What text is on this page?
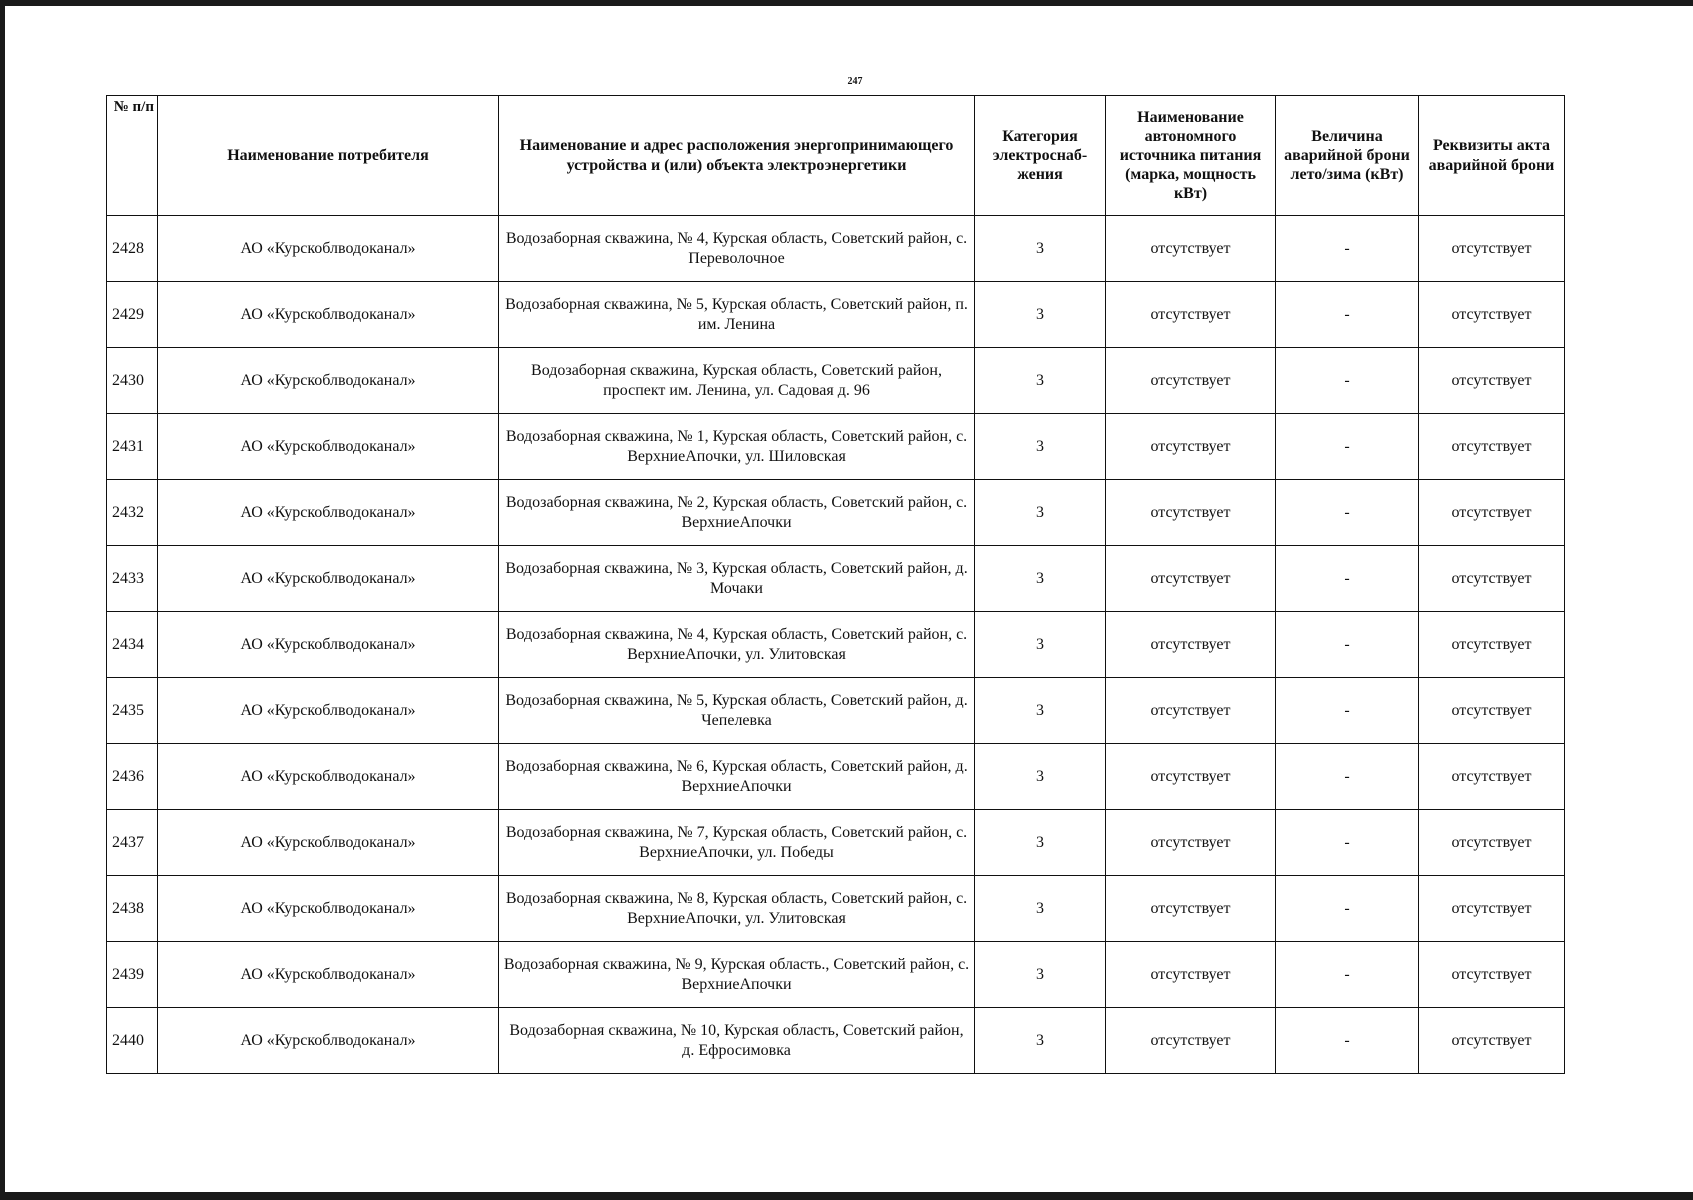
247
№ п/п	Наименование потребителя	Наименование и адрес расположения энергопринимающего устройства и (или) объекта электроэнергетики	Категория электроснаб-жения	Наименование автономного источника питания (марка, мощность кВт)	Величина аварийной брони лето/зима (кВт)	Реквизиты акта аварийной брони
2428	АО «Курскоблводоканал»	Водозаборная скважина, № 4, Курская область, Советский район, с. Переволочное	3	отсутствует	-	отсутствует
2429	АО «Курскоблводоканал»	Водозаборная скважина, № 5, Курская область, Советский район, п. им. Ленина	3	отсутствует	-	отсутствует
2430	АО «Курскоблводоканал»	Водозаборная скважина, Курская область, Советский район, проспект им. Ленина, ул. Садовая д. 96	3	отсутствует	-	отсутствует
2431	АО «Курскоблводоканал»	Водозаборная скважина, № 1, Курская область, Советский район, с. ВерхниеАпочки, ул. Шиловская	3	отсутствует	-	отсутствует
2432	АО «Курскоблводоканал»	Водозаборная скважина, № 2, Курская область, Советский район, с. ВерхниеАпочки	3	отсутствует	-	отсутствует
2433	АО «Курскоблводоканал»	Водозаборная скважина, № 3, Курская область, Советский район, д. Мочаки	3	отсутствует	-	отсутствует
2434	АО «Курскоблводоканал»	Водозаборная скважина, № 4, Курская область, Советский район, с. ВерхниеАпочки, ул. Улитовская	3	отсутствует	-	отсутствует
2435	АО «Курскоблводоканал»	Водозаборная скважина, № 5, Курская область, Советский район, д. Чепелевка	3	отсутствует	-	отсутствует
2436	АО «Курскоблводоканал»	Водозаборная скважина, № 6, Курская область, Советский район, д. ВерхниеАпочки	3	отсутствует	-	отсутствует
2437	АО «Курскоблводоканал»	Водозаборная скважина, № 7, Курская область, Советский район, с. ВерхниеАпочки, ул. Победы	3	отсутствует	-	отсутствует
2438	АО «Курскоблводоканал»	Водозаборная скважина, № 8, Курская область, Советский район, с. ВерхниеАпочки, ул. Улитовская	3	отсутствует	-	отсутствует
2439	АО «Курскоблводоканал»	Водозаборная скважина, № 9, Курская область., Советский район, с. ВерхниеАпочки	3	отсутствует	-	отсутствует
2440	АО «Курскоблводоканал»	Водозаборная скважина, № 10, Курская область, Советский район, д. Ефросимовка	3	отсутствует	-	отсутствует
